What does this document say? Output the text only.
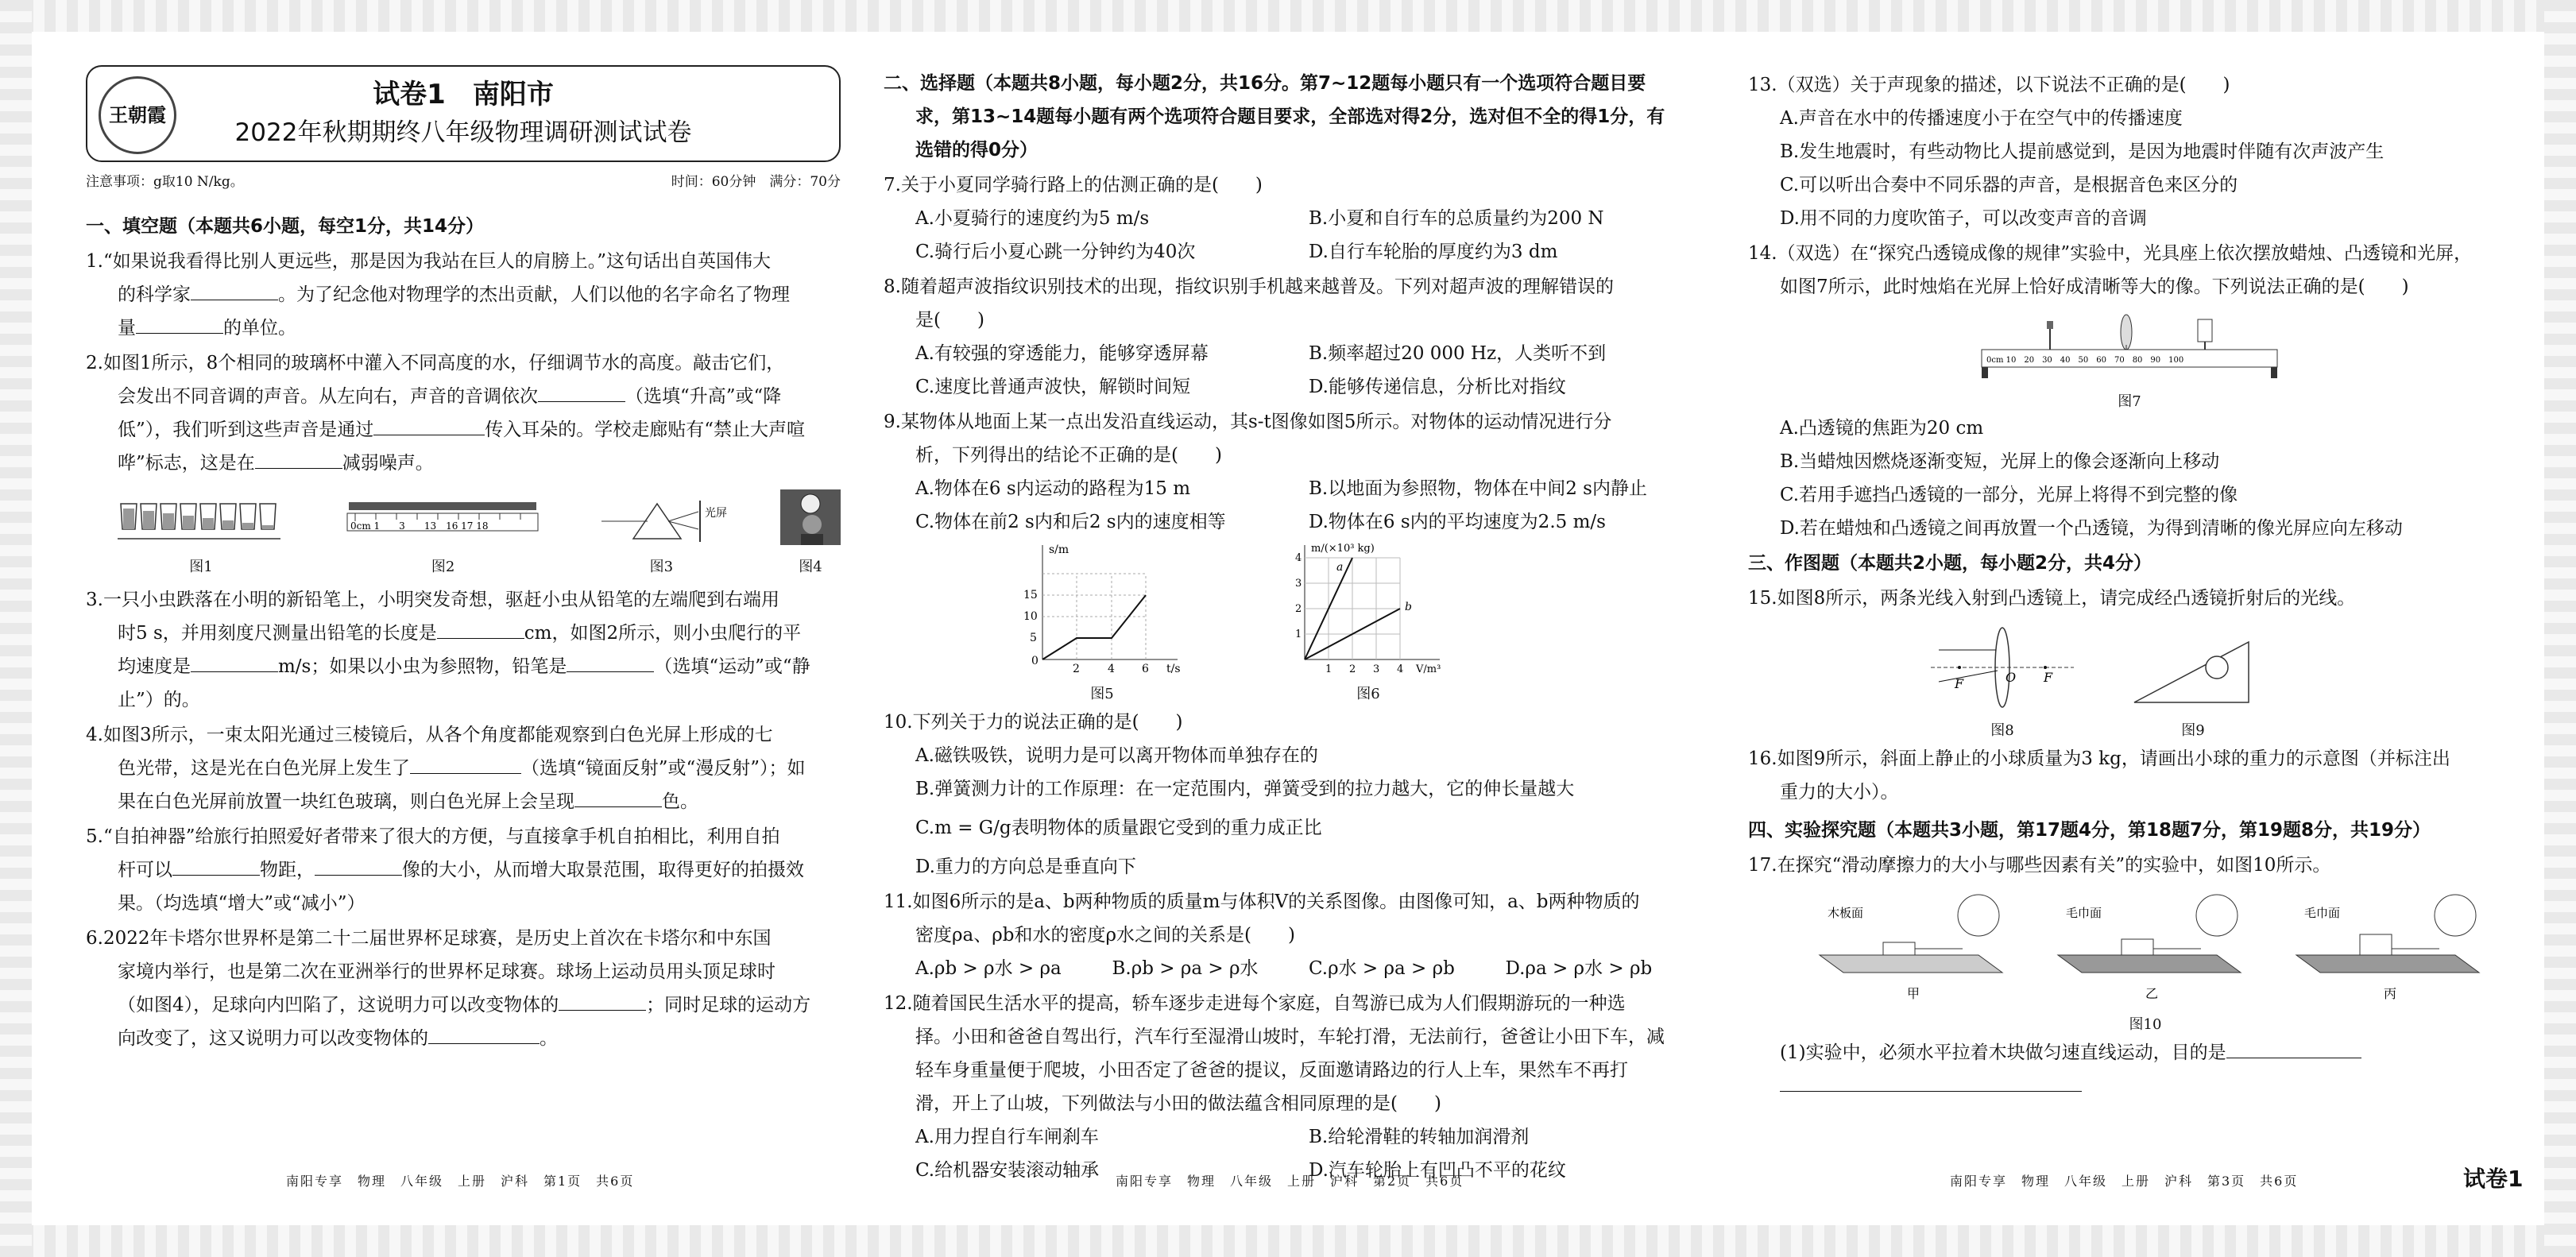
王朝霞
试卷1　南阳市
2022年秋期期终八年级物理调研测试试卷
注意事项：g取10 N/kg。	时间：60分钟　满分：70分
一、填空题（本题共6小题，每空1分，共14分）
1.“如果说我看得比别人更远些，那是因为我站在巨人的肩膀上。”这句话出自英国伟大
的科学家	。为了纪念他对物理学的杰出贡献，人们以他的名字命名了物理
量	的单位。
2.如图1所示，8个相同的玻璃杯中灌入不同高度的水，仔细调节水的高度。敲击它们，
会发出不同音调的声音。从左向右，声音的音调依次	（选填“升高”或“降
低”），我们听到这些声音是通过	传入耳朵的。学校走廊贴有“禁止大声喧
哗”标志，这是在	减弱噪声。
图1
0cm 1　　3　　13　16 17 18
图2
光屏
图3	图4
3.一只小虫跌落在小明的新铅笔上，小明突发奇想，驱赶小虫从铅笔的左端爬到右端用
时5 s，并用刻度尺测量出铅笔的长度是	cm，如图2所示，则小虫爬行的平
均速度是	m/s；如果以小虫为参照物，铅笔是	（选填“运动”或“静
止”）的。
4.如图3所示，一束太阳光通过三棱镜后，从各个角度都能观察到白色光屏上形成的七
色光带，这是光在白色光屏上发生了	（选填“镜面反射”或“漫反射”）；如
果在白色光屏前放置一块红色玻璃，则白色光屏上会呈现	色。
5.“自拍神器”给旅行拍照爱好者带来了很大的方便，与直接拿手机自拍相比，利用自拍
杆可以	物距，	像的大小，从而增大取景范围，取得更好的拍摄效
果。（均选填“增大”或“减小”）
6.2022年卡塔尔世界杯是第二十二届世界杯足球赛，是历史上首次在卡塔尔和中东国
家境内举行，也是第二次在亚洲举行的世界杯足球赛。球场上运动员用头顶足球时
（如图4），足球向内凹陷了，这说明力可以改变物体的	；同时足球的运动方
向改变了，这又说明力可以改变物体的	。
南阳专享　物理　八年级　上册　沪科　第1页　共6页
二、选择题（本题共8小题，每小题2分，共16分。第7~12题每小题只有一个选项符合题目要
求，第13~14题每小题有两个选项符合题目要求，全部选对得2分，选对但不全的得1分，有
选错的得0分）
7.关于小夏同学骑行路上的估测正确的是(　　)
A.小夏骑行的速度约为5 m/s	B.小夏和自行车的总质量约为200 N
C.骑行后小夏心跳一分钟约为40次	D.自行车轮胎的厚度约为3 dm
8.随着超声波指纹识别技术的出现，指纹识别手机越来越普及。下列对超声波的理解错误的
是(　　)
A.有较强的穿透能力，能够穿透屏幕	B.频率超过20 000 Hz，人类听不到
C.速度比普通声波快，解锁时间短	D.能够传递信息，分析比对指纹
9.某物体从地面上某一点出发沿直线运动，其s-t图像如图5所示。对物体的运动情况进行分
析，下列得出的结论不正确的是(　　)
A.物体在6 s内运动的路程为15 m	B.以地面为参照物，物体在中间2 s内静止
C.物体在前2 s内和后2 s内的速度相等	D.物体在6 s内的平均速度为2.5 m/s
s/m
t/s
10
15
5
0
2	4 6
图5
a
b
m/(×10³ kg)
V/m³
1
2
3
4
1 2 3 4
图6
10.下列关于力的说法正确的是(　　)
A.磁铁吸铁，说明力是可以离开物体而单独存在的
B.弹簧测力计的工作原理：在一定范围内，弹簧受到的拉力越大，它的伸长量越大
C.m = G/g表明物体的质量跟它受到的重力成正比
D.重力的方向总是垂直向下
11.如图6所示的是a、b两种物质的质量m与体积V的关系图像。由图像可知，a、b两种物质的
密度ρa、ρb和水的密度ρ水之间的关系是(　　)
A.ρb > ρ水 > ρa	B.ρb > ρa > ρ水	C.ρ水 > ρa > ρb	D.ρa > ρ水 > ρb
12.随着国民生活水平的提高，轿车逐步走进每个家庭，自驾游已成为人们假期游玩的一种选
择。小田和爸爸自驾出行，汽车行至湿滑山坡时，车轮打滑，无法前行，爸爸让小田下车，减
轻车身重量便于爬坡，小田否定了爸爸的提议，反面邀请路边的行人上车，果然车不再打
滑，开上了山坡，下列做法与小田的做法蕴含相同原理的是(　　)
A.用力捏自行车闸刹车	B.给轮滑鞋的转轴加润滑剂
C.给机器安装滚动轴承	D.汽车轮胎上有凹凸不平的花纹
南阳专享　物理　八年级　上册　沪科　第2页　共6页
13.（双选）关于声现象的描述，以下说法不正确的是(　　)
A.声音在水中的传播速度小于在空气中的传播速度
B.发生地震时，有些动物比人提前感觉到，是因为地震时伴随有次声波产生
C.可以听出合奏中不同乐器的声音，是根据音色来区分的
D.用不同的力度吹笛子，可以改变声音的音调
14.（双选）在“探究凸透镜成像的规律”实验中，光具座上依次摆放蜡烛、凸透镜和光屏，
如图7所示，此时烛焰在光屏上恰好成清晰等大的像。下列说法正确的是(　　)
0cm 10　20　30　40　50　60　70　80　90　100
图7
A.凸透镜的焦距为20 cm
B.当蜡烛因燃烧逐渐变短，光屏上的像会逐渐向上移动
C.若用手遮挡凸透镜的一部分，光屏上将得不到完整的像
D.若在蜡烛和凸透镜之间再放置一个凸透镜，为得到清晰的像光屏应向左移动
三、作图题（本题共2小题，每小题2分，共4分）
15.如图8所示，两条光线入射到凸透镜上，请完成经凸透镜折射后的光线。
F	O F
图8	图9
16.如图9所示，斜面上静止的小球质量为3 kg，请画出小球的重力的示意图（并标注出
重力的大小）。
四、实验探究题（本题共3小题，第17题4分，第18题7分，第19题8分，共19分）
17.在探究“滑动摩擦力的大小与哪些因素有关”的实验中，如图10所示。
木板面
甲
毛巾面
乙
毛巾面
丙
图10
(1)实验中，必须水平拉着木块做匀速直线运动，目的是
南阳专享　物理　八年级　上册　沪科　第3页　共6页	试卷1
